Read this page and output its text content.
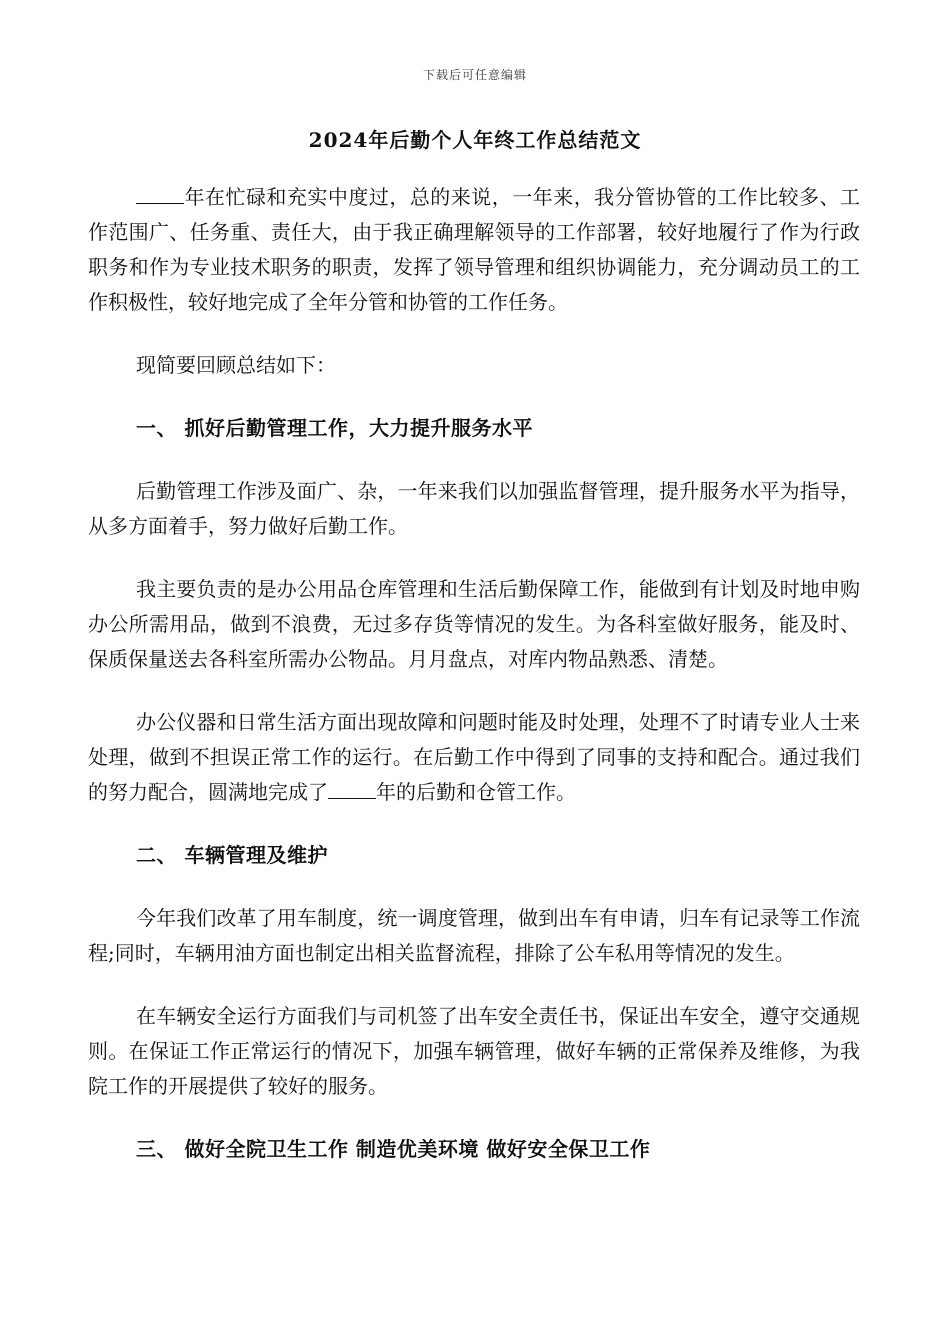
下载后可任意编辑
2024年后勤个人年终工作总结范文

年在忙碌和充实中度过，总的来说，一年来，我分管协管的工作比较多、工作范围广、任务重、责任大，由于我正确理解领导的工作部署，较好地履行了作为行政职务和作为专业技术职务的职责，发挥了领导管理和组织协调能力，充分调动员工的工作积极性，较好地完成了全年分管和协管的工作任务。

现简要回顾总结如下：

一、 抓好后勤管理工作，大力提升服务水平

后勤管理工作涉及面广、杂，一年来我们以加强监督管理，提升服务水平为指导，从多方面着手，努力做好后勤工作。

我主要负责的是办公用品仓库管理和生活后勤保障工作，能做到有计划及时地申购办公所需用品，做到不浪费，无过多存货等情况的发生。为各科室做好服务，能及时、保质保量送去各科室所需办公物品。月月盘点，对库内物品熟悉、清楚。

办公仪器和日常生活方面出现故障和问题时能及时处理，处理不了时请专业人士来处理，做到不担误正常工作的运行。在后勤工作中得到了同事的支持和配合。通过我们的努力配合，圆满地完成了 年的后勤和仓管工作。

二、 车辆管理及维护

今年我们改革了用车制度，统一调度管理，做到出车有申请，归车有记录等工作流程;同时，车辆用油方面也制定出相关监督流程，排除了公车私用等情况的发生。

在车辆安全运行方面我们与司机签了出车安全责任书，保证出车安全，遵守交通规则。在保证工作正常运行的情况下，加强车辆管理，做好车辆的正常保养及维修，为我院工作的开展提供了较好的服务。

三、 做好全院卫生工作 制造优美环境 做好安全保卫工作
